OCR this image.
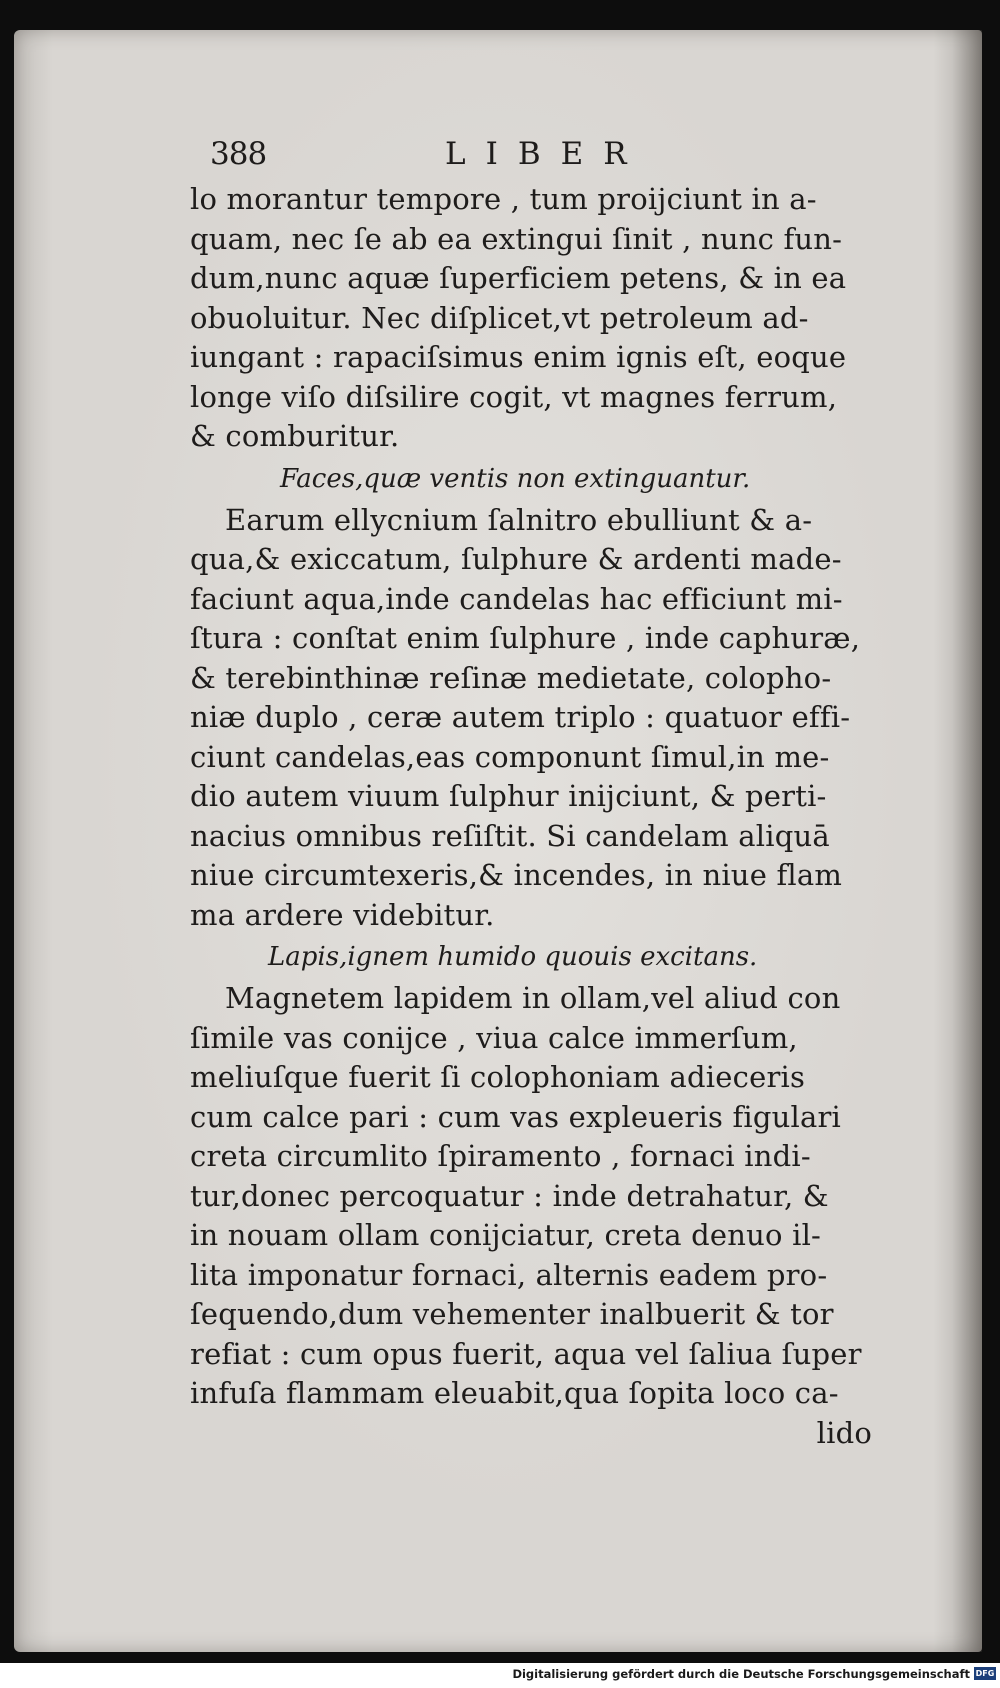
388	LIBER
lo morantur tempore , tum proijciunt in a-
quam, nec ſe ab ea extingui ſinit , nunc fun-
dum,nunc aquæ ſuperficiem petens, & in ea
obuoluitur. Nec diſplicet,vt petroleum ad-
iungant : rapaciſsimus enim ignis eſt, eoque
longe viſo diſsilire cogit, vt magnes ferrum,
& comburitur.
Faces,quæ ventis non extinguantur.
Earum ellycnium ſalnitro ebulliunt & a-
qua,& exiccatum, ſulphure & ardenti made-
faciunt aqua,inde candelas hac efficiunt mi-
ſtura : conſtat enim ſulphure , inde caphuræ,
& terebinthinæ reſinæ medietate, colopho-
niæ duplo , ceræ autem triplo : quatuor effi-
ciunt candelas,eas componunt ſimul,in me-
dio autem viuum ſulphur inijciunt, & perti-
nacius omnibus reſiſtit. Si candelam aliquā
niue circumtexeris,& incendes, in niue flam
ma ardere videbitur.
Lapis,ignem humido quouis excitans.
Magnetem lapidem in ollam,vel aliud con
ſimile vas conijce , viua calce immerſum,
meliuſque fuerit ſi colophoniam adieceris
cum calce pari : cum vas expleueris figulari
creta circumlito ſpiramento , fornaci indi-
tur,donec percoquatur : inde detrahatur, &
in nouam ollam conijciatur, creta denuo il-
lita imponatur fornaci, alternis eadem pro-
ſequendo,dum vehementer inalbuerit & tor
refiat : cum opus fuerit, aqua vel ſaliua ſuper
infuſa flammam eleuabit,qua ſopita loco ca-
lido
Digitalisierung gefördert durch die Deutsche Forschungsgemeinschaft DFG
